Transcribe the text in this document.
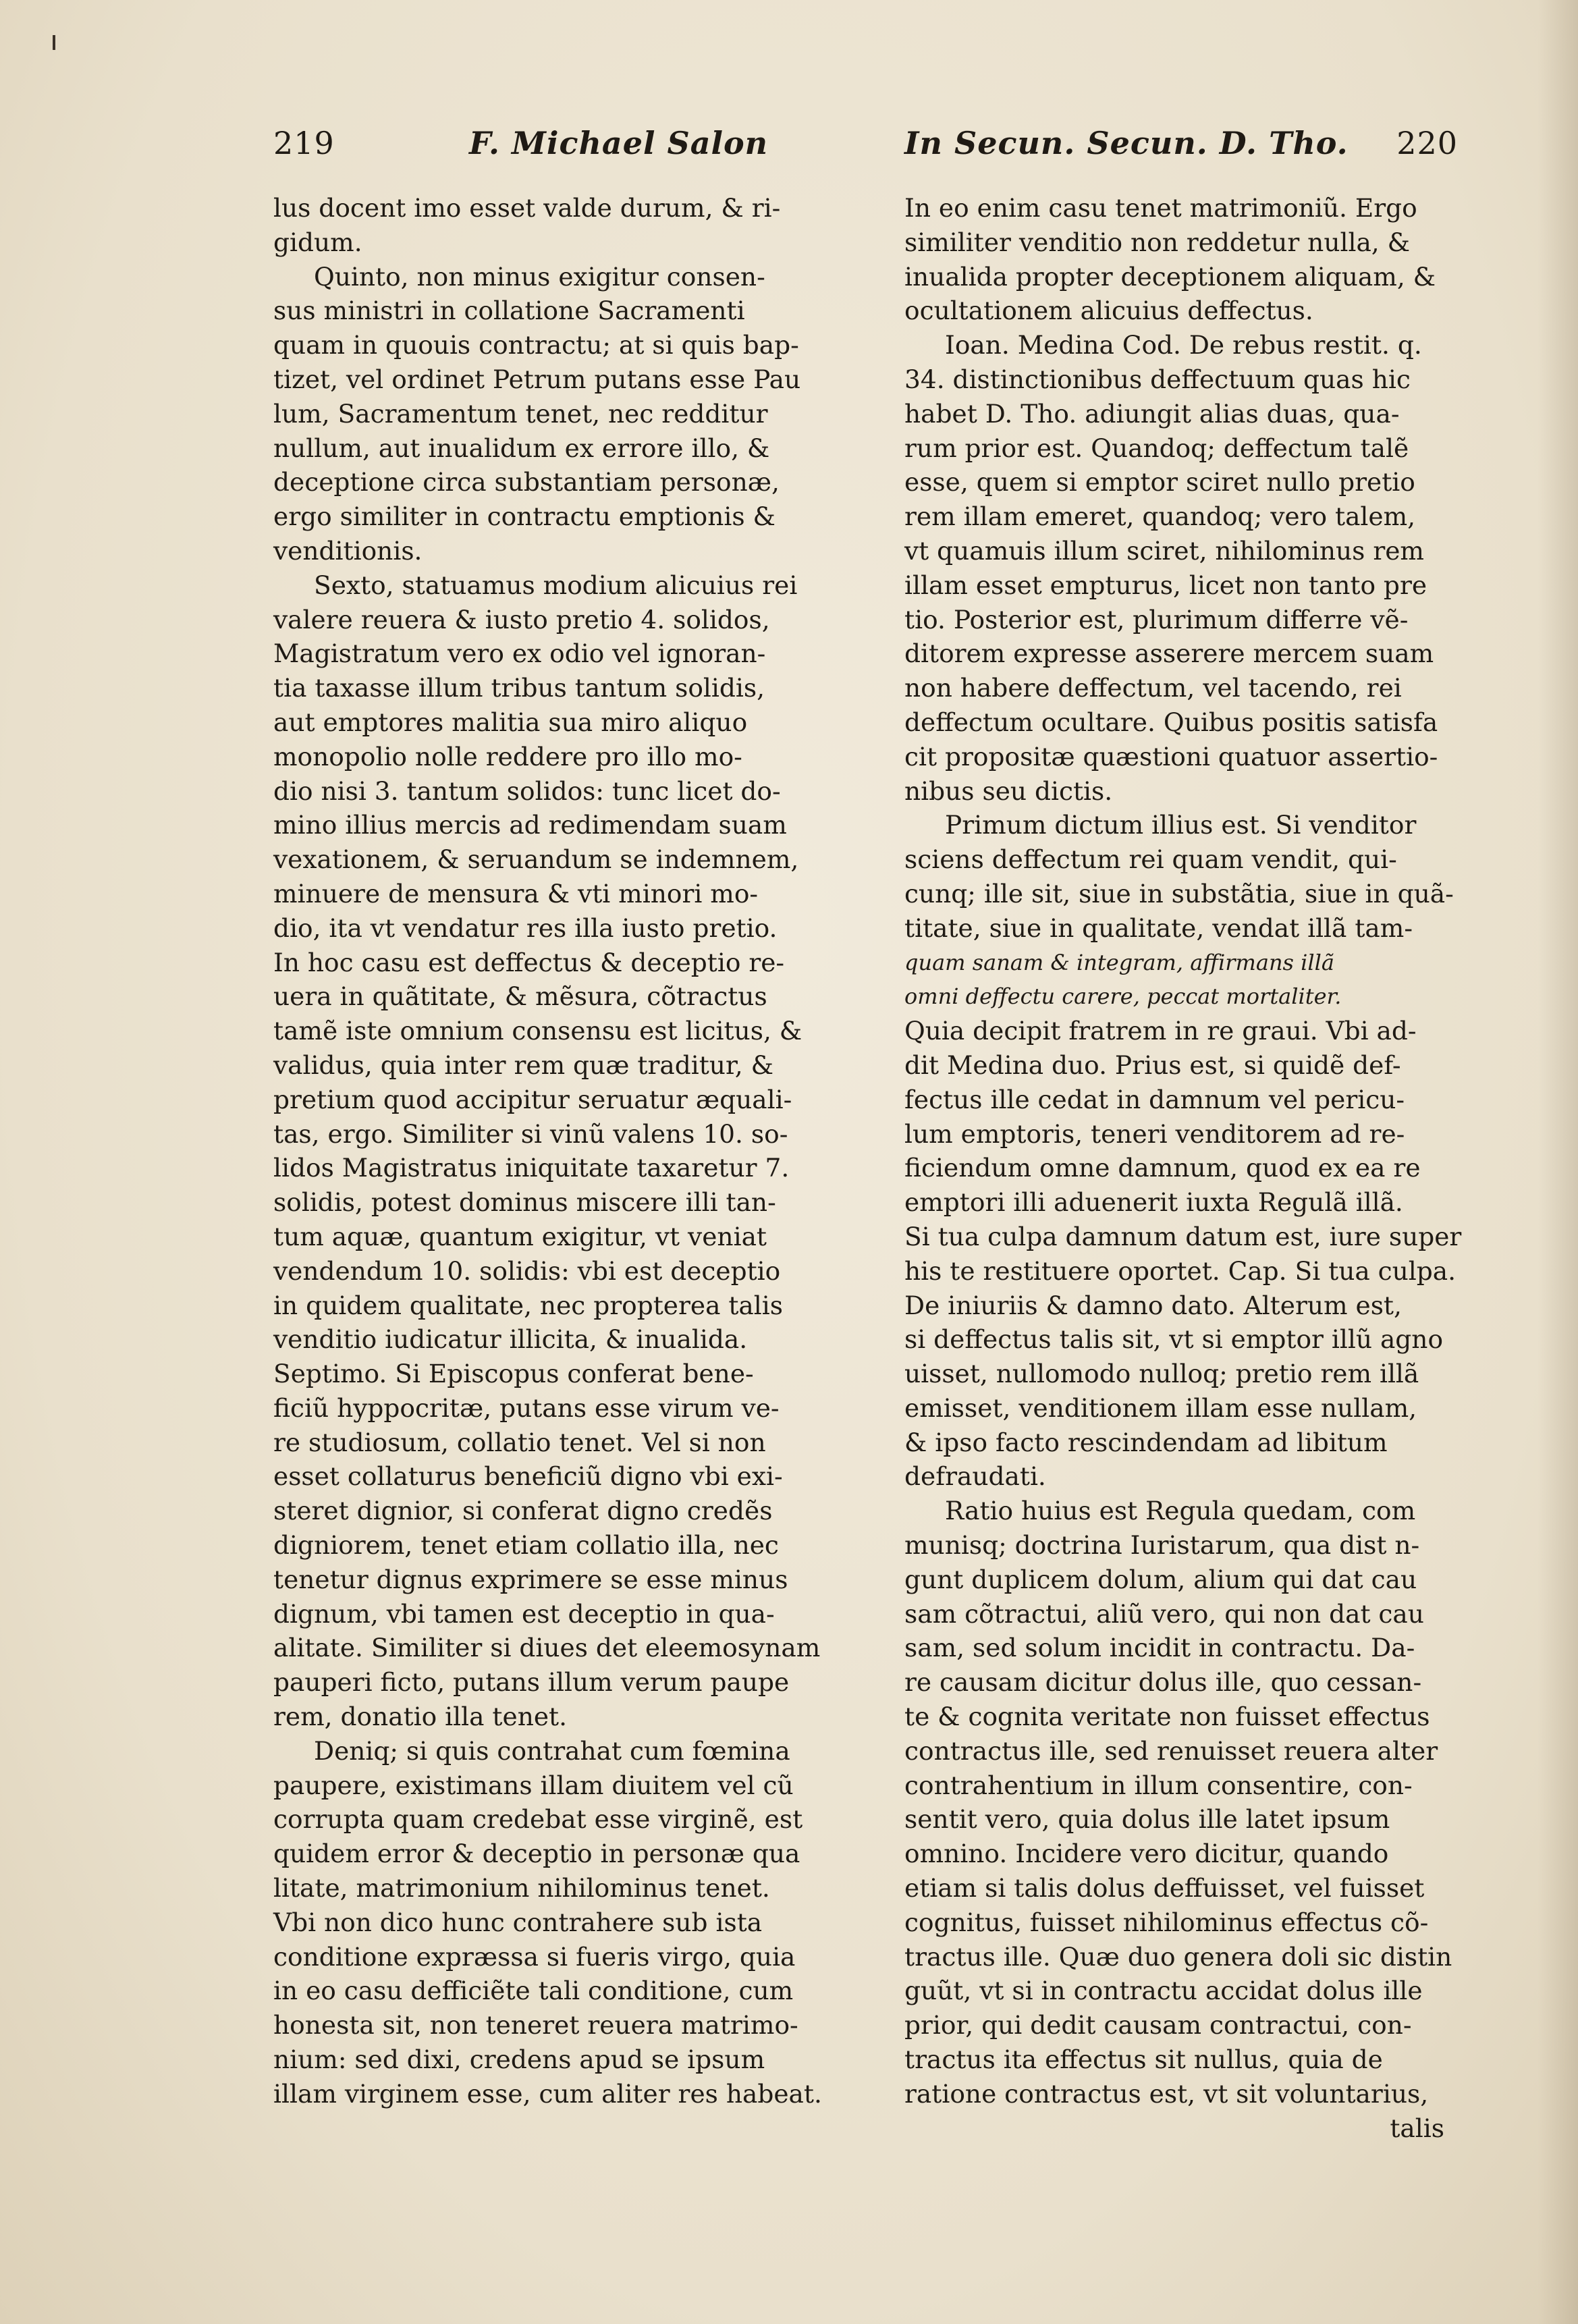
219	F. Michael Salon	In Secun. Secun. D. Tho. 220
lus docent imo esset valde durum, & ri-
gidum.
Quinto, non minus exigitur consen-
sus ministri in collatione Sacramenti
quam in quouis contractu; at si quis bap-
tizet, vel ordinet Petrum putans esse Pau
lum, Sacramentum tenet, nec redditur
nullum, aut inualidum ex errore illo, &
deceptione circa substantiam personæ,
ergo similiter in contractu emptionis &
venditionis.
Sexto, statuamus modium alicuius rei
valere reuera & iusto pretio 4. solidos,
Magistratum vero ex odio vel ignoran-
tia taxasse illum tribus tantum solidis,
aut emptores malitia sua miro aliquo
monopolio nolle reddere pro illo mo-
dio nisi 3. tantum solidos: tunc licet do-
mino illius mercis ad redimendam suam
vexationem, & seruandum se indemnem,
minuere de mensura & vti minori mo-
dio, ita vt vendatur res illa iusto pretio.
In hoc casu est deffectus & deceptio re-
uera in quãtitate, & mẽsura, cõtractus
tamẽ iste omnium consensu est licitus, &
validus, quia inter rem quæ traditur, &
pretium quod accipitur seruatur æquali-
tas, ergo. Similiter si vinũ valens 10. so-
lidos Magistratus iniquitate taxaretur 7.
solidis, potest dominus miscere illi tan-
tum aquæ, quantum exigitur, vt veniat
vendendum 10. solidis: vbi est deceptio
in quidem qualitate, nec propterea talis
venditio iudicatur illicita, & inualida.
Septimo. Si Episcopus conferat bene-
ficiũ hyppocritæ, putans esse virum ve-
re studiosum, collatio tenet. Vel si non
esset collaturus beneficiũ digno vbi exi-
steret dignior, si conferat digno credẽs
digniorem, tenet etiam collatio illa, nec
tenetur dignus exprimere se esse minus
dignum, vbi tamen est deceptio in qua-
alitate. Similiter si diues det eleemosynam
pauperi ficto, putans illum verum paupe
rem, donatio illa tenet.
Deniq; si quis contrahat cum fœmina
paupere, existimans illam diuitem vel cũ
corrupta quam credebat esse virginẽ, est
quidem error & deceptio in personæ qua
litate, matrimonium nihilominus tenet.
Vbi non dico hunc contrahere sub ista
conditione expræssa si fueris virgo, quia
in eo casu defficiẽte tali conditione, cum
honesta sit, non teneret reuera matrimo-
nium: sed dixi, credens apud se ipsum
illam virginem esse, cum aliter res habeat.
In eo enim casu tenet matrimoniũ. Ergo
similiter venditio non reddetur nulla, &
inualida propter deceptionem aliquam, &
ocultationem alicuius deffectus.
Ioan. Medina Cod. De rebus restit. q.
34. distinctionibus deffectuum quas hic
habet D. Tho. adiungit alias duas, qua-
rum prior est. Quandoq; deffectum talẽ
esse, quem si emptor sciret nullo pretio
rem illam emeret, quandoq; vero talem,
vt quamuis illum sciret, nihilominus rem
illam esset empturus, licet non tanto pre
tio. Posterior est, plurimum differre vẽ-
ditorem expresse asserere mercem suam
non habere deffectum, vel tacendo, rei
deffectum ocultare. Quibus positis satisfa
cit propositæ quæstioni quatuor assertio-
nibus seu dictis.
Primum dictum illius est. Si venditor
sciens deffectum rei quam vendit, qui-
cunq; ille sit, siue in substãtia, siue in quã-
titate, siue in qualitate, vendat illã tam-
quam sanam & integram, affirmans illã
omni deffectu carere, peccat mortaliter.
Quia decipit fratrem in re graui. Vbi ad-
dit Medina duo. Prius est, si quidẽ def-
fectus ille cedat in damnum vel pericu-
lum emptoris, teneri venditorem ad re-
ficiendum omne damnum, quod ex ea re
emptori illi aduenerit iuxta Regulã illã.
Si tua culpa damnum datum est, iure super
his te restituere oportet. Cap. Si tua culpa.
De iniuriis & damno dato. Alterum est,
si deffectus talis sit, vt si emptor illũ agno
uisset, nullomodo nulloq; pretio rem illã
emisset, venditionem illam esse nullam,
& ipso facto rescindendam ad libitum
defraudati.
Ratio huius est Regula quedam, com
munisq; doctrina Iuristarum, qua dist n-
gunt duplicem dolum, alium qui dat cau
sam cõtractui, aliũ vero, qui non dat cau
sam, sed solum incidit in contractu. Da-
re causam dicitur dolus ille, quo cessan-
te & cognita veritate non fuisset effectus
contractus ille, sed renuisset reuera alter
contrahentium in illum consentire, con-
sentit vero, quia dolus ille latet ipsum
omnino. Incidere vero dicitur, quando
etiam si talis dolus deffuisset, vel fuisset
cognitus, fuisset nihilominus effectus cõ-
tractus ille. Quæ duo genera doli sic distin
guũt, vt si in contractu accidat dolus ille
prior, qui dedit causam contractui, con-
tractus ita effectus sit nullus, quia de
ratione contractus est, vt sit voluntarius,
talis
